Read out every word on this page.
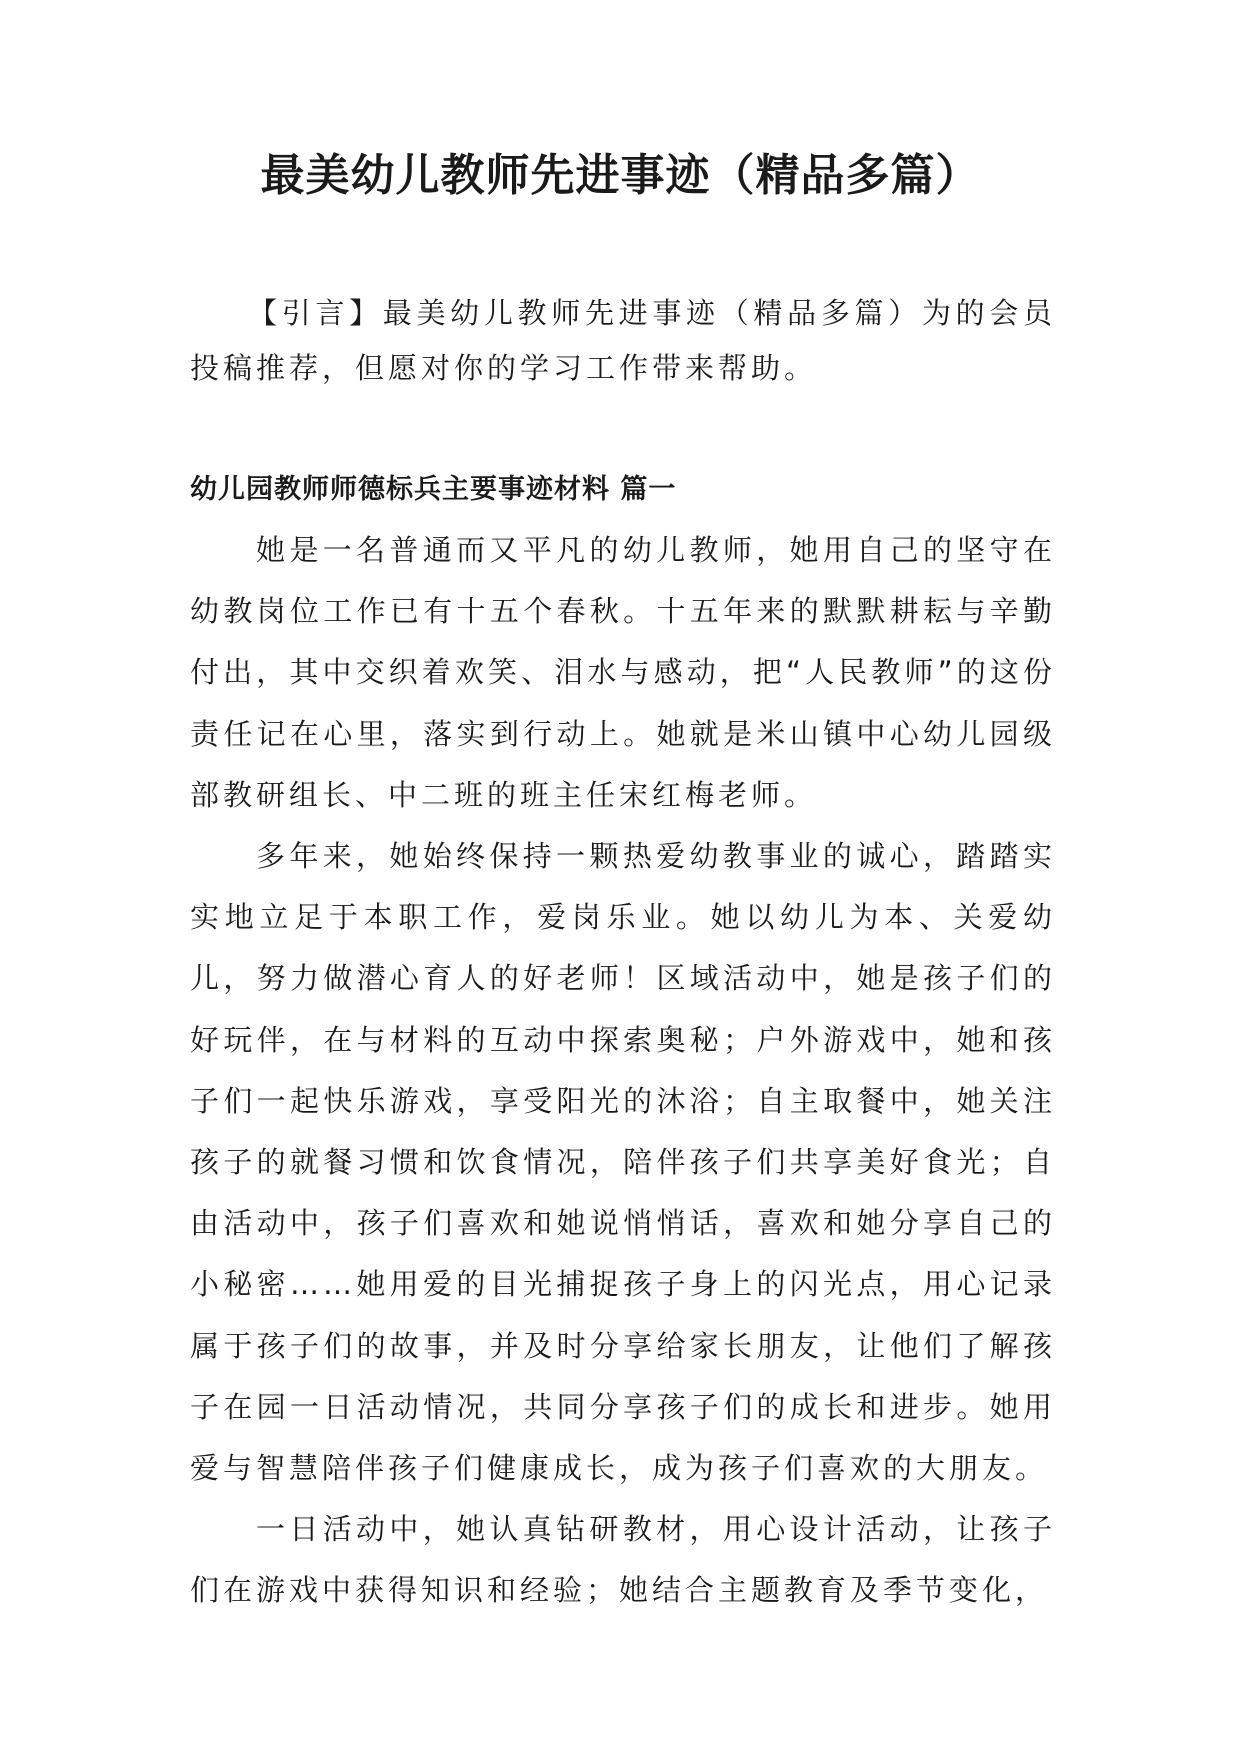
最美幼儿教师先进事迹（精品多篇）

【引言】最美幼儿教师先进事迹（精品多篇）为的会员投稿推荐，但愿对你的学习工作带来帮助。

幼儿园教师师德标兵主要事迹材料 篇一

她是一名普通而又平凡的幼儿教师，她用自己的坚守在幼教岗位工作已有十五个春秋。十五年来的默默耕耘与辛勤付出，其中交织着欢笑、泪水与感动，把“人民教师”的这份责任记在心里，落实到行动上。她就是米山镇中心幼儿园级部教研组长、中二班的班主任宋红梅老师。

多年来，她始终保持一颗热爱幼教事业的诚心，踏踏实实地立足于本职工作，爱岗乐业。她以幼儿为本、关爱幼儿，努力做潜心育人的好老师！区域活动中，她是孩子们的好玩伴，在与材料的互动中探索奥秘；户外游戏中，她和孩子们一起快乐游戏，享受阳光的沐浴；自主取餐中，她关注孩子的就餐习惯和饮食情况，陪伴孩子们共享美好食光；自由活动中，孩子们喜欢和她说悄悄话，喜欢和她分享自己的小秘密……她用爱的目光捕捉孩子身上的闪光点，用心记录属于孩子们的故事，并及时分享给家长朋友，让他们了解孩子在园一日活动情况，共同分享孩子们的成长和进步。她用爱与智慧陪伴孩子们健康成长，成为孩子们喜欢的大朋友。

一日活动中，她认真钻研教材，用心设计活动，让孩子们在游戏中获得知识和经验；她结合主题教育及季节变化，
